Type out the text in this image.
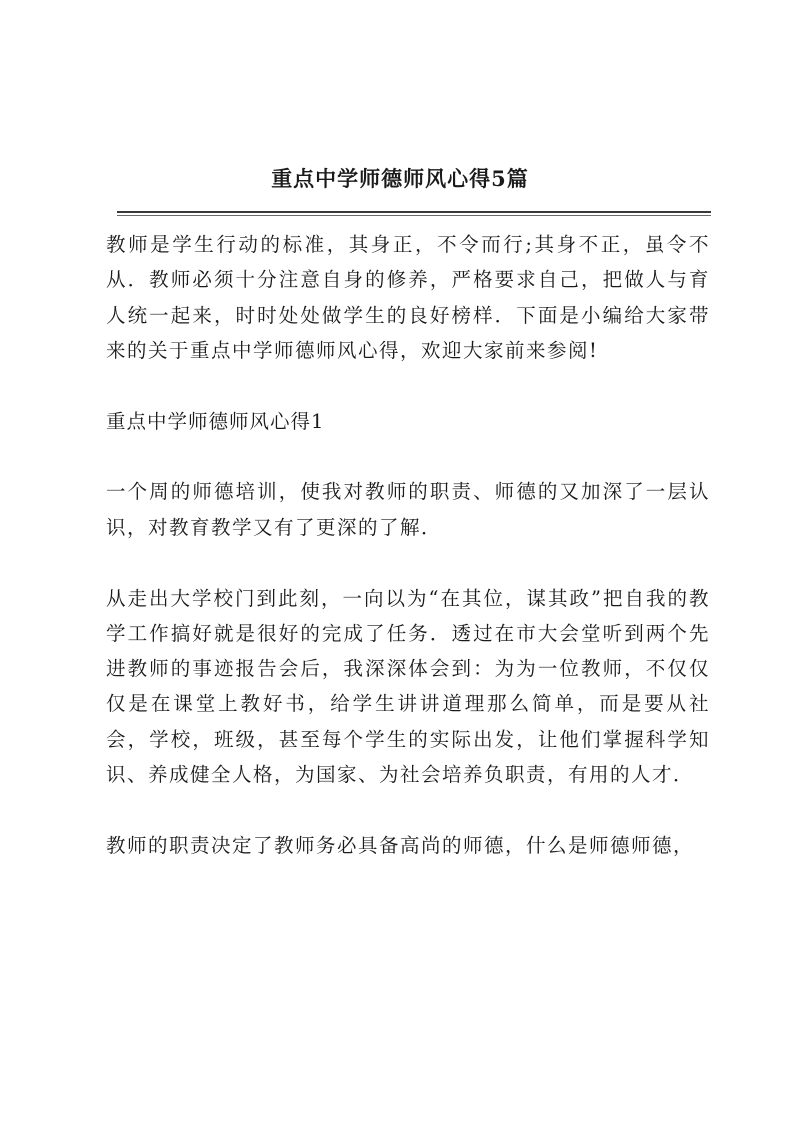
重点中学师德师风心得5篇

教师是学生行动的标准，其身正，不令而行;其身不正，虽令不从．教师必须十分注意自身的修养，严格要求自己，把做人与育人统一起来，时时处处做学生的良好榜样．下面是小编给大家带来的关于重点中学师德师风心得，欢迎大家前来参阅!

重点中学师德师风心得1

一个周的师德培训，使我对教师的职责、师德的又加深了一层认识，对教育教学又有了更深的了解．

从走出大学校门到此刻，一向以为“在其位，谋其政”把自我的教学工作搞好就是很好的完成了任务．透过在市大会堂听到两个先进教师的事迹报告会后，我深深体会到：为为一位教师，不仅仅仅是在课堂上教好书，给学生讲讲道理那么简单，而是要从社会，学校，班级，甚至每个学生的实际出发，让他们掌握科学知识、养成健全人格，为国家、为社会培养负职责，有用的人才．

教师的职责决定了教师务必具备高尚的师德，什么是师德师德，
